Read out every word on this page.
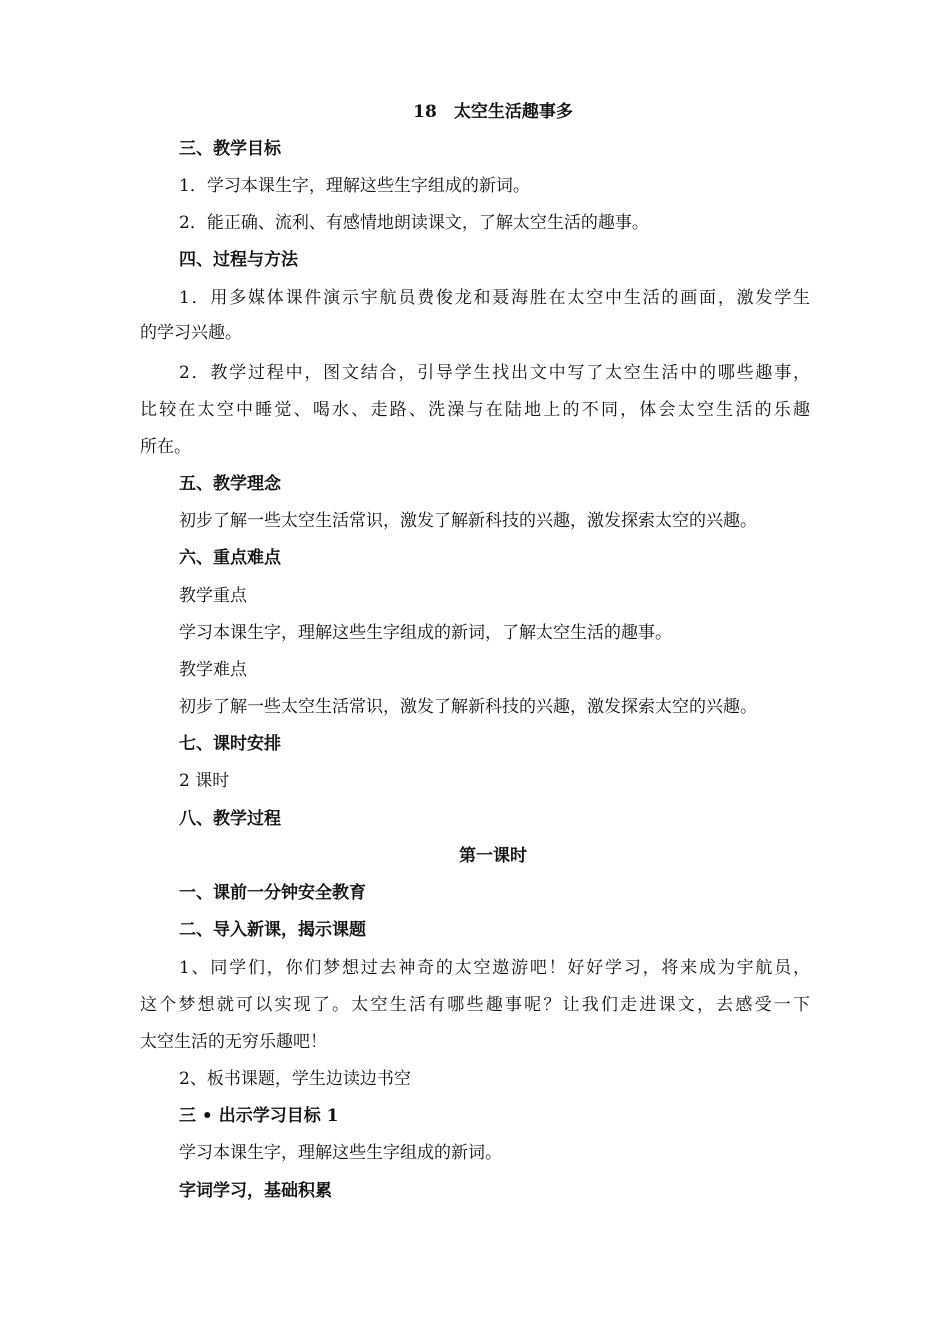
18　太空生活趣事多
三、教学目标
1．学习本课生字，理解这些生字组成的新词。
2．能正确、流利、有感情地朗读课文，了解太空生活的趣事。
四、过程与方法
1．用多媒体课件演示宇航员费俊龙和聂海胜在太空中生活的画面，激发学生
的学习兴趣。
2．教学过程中，图文结合，引导学生找出文中写了太空生活中的哪些趣事，
比较在太空中睡觉、喝水、走路、洗澡与在陆地上的不同，体会太空生活的乐趣
所在。
五、教学理念
初步了解一些太空生活常识，激发了解新科技的兴趣，激发探索太空的兴趣。
六、重点难点
教学重点
学习本课生字，理解这些生字组成的新词，了解太空生活的趣事。
教学难点
初步了解一些太空生活常识，激发了解新科技的兴趣，激发探索太空的兴趣。
七、课时安排
2 课时
八、教学过程
第一课时
一、课前一分钟安全教育
二、导入新课，揭示课题
1、同学们，你们梦想过去神奇的太空遨游吧！好好学习，将来成为宇航员，
这个梦想就可以实现了。太空生活有哪些趣事呢？让我们走进课文，去感受一下
太空生活的无穷乐趣吧！
2、板书课题，学生边读边书空
三 • 出示学习目标 1
学习本课生字，理解这些生字组成的新词。
字词学习，基础积累
